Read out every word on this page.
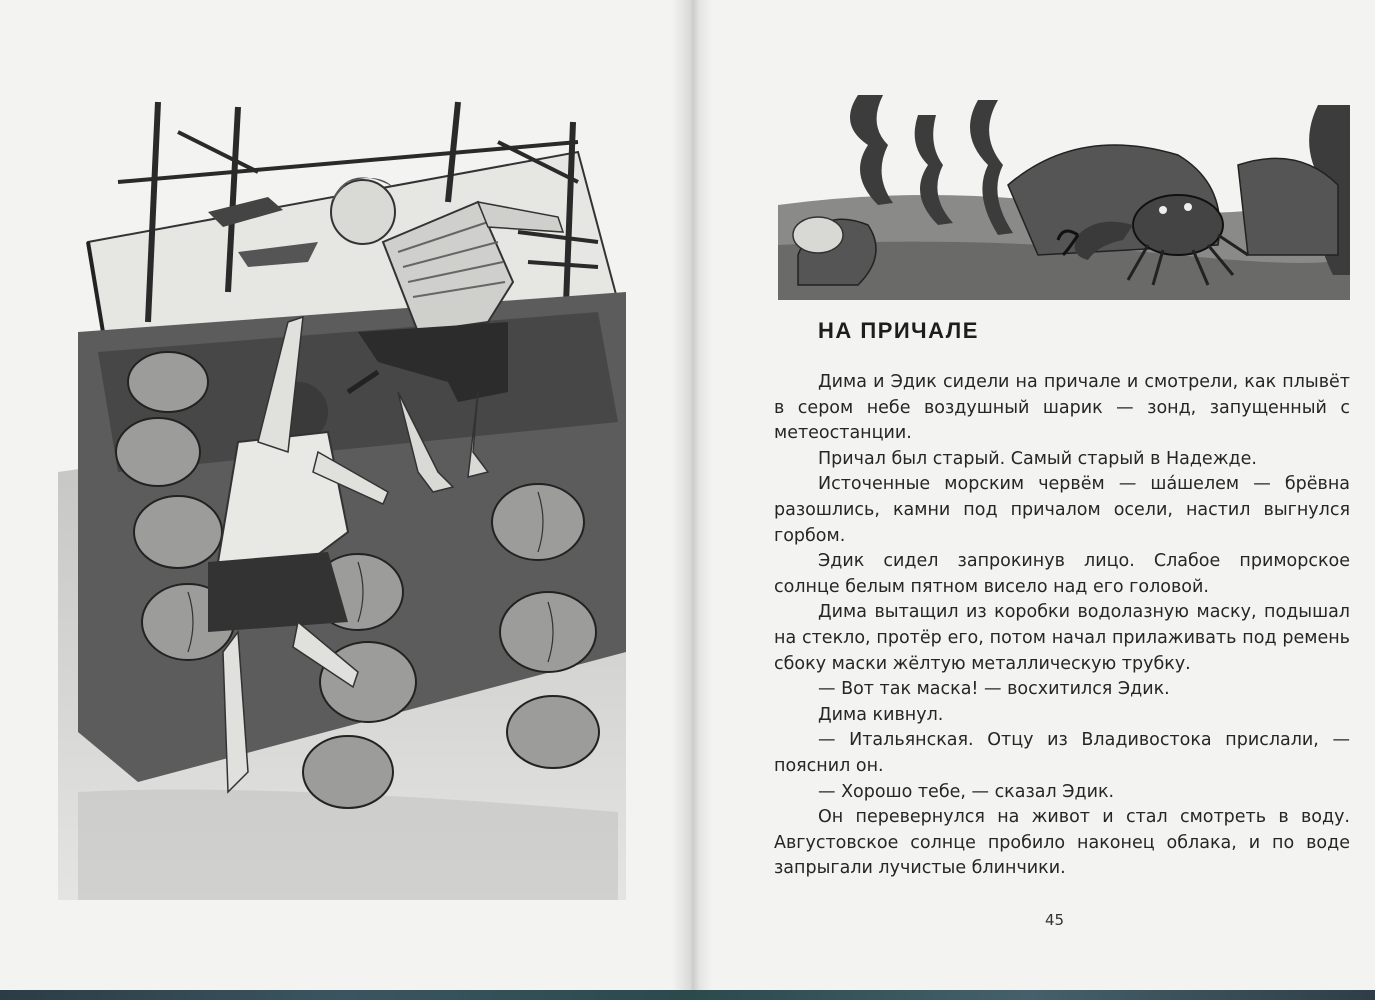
НА ПРИЧАЛЕ

Дима и Эдик сидели на причале и смотрели, как плывёт в сером небе воздушный шарик — зонд, запущенный с метеостанции.

Причал был старый. Самый старый в Надежде.

Источенные морским червём — ша́шелем — брёвна разошлись, камни под причалом осели, настил выгнулся горбом.

Эдик сидел запрокинув лицо. Слабое приморское солнце белым пятном висело над его головой.

Дима вытащил из коробки водолазную маску, подышал на стекло, протёр его, потом начал прилаживать под ремень сбоку маски жёлтую металлическую трубку.

— Вот так маска! — восхитился Эдик.

Дима кивнул.

— Итальянская. Отцу из Владивостока прислали, — пояснил он.

— Хорошо тебе, — сказал Эдик.

Он перевернулся на живот и стал смотреть в воду. Августовское солнце пробило наконец облака, и по воде запрыгали лучистые блинчики.

45
